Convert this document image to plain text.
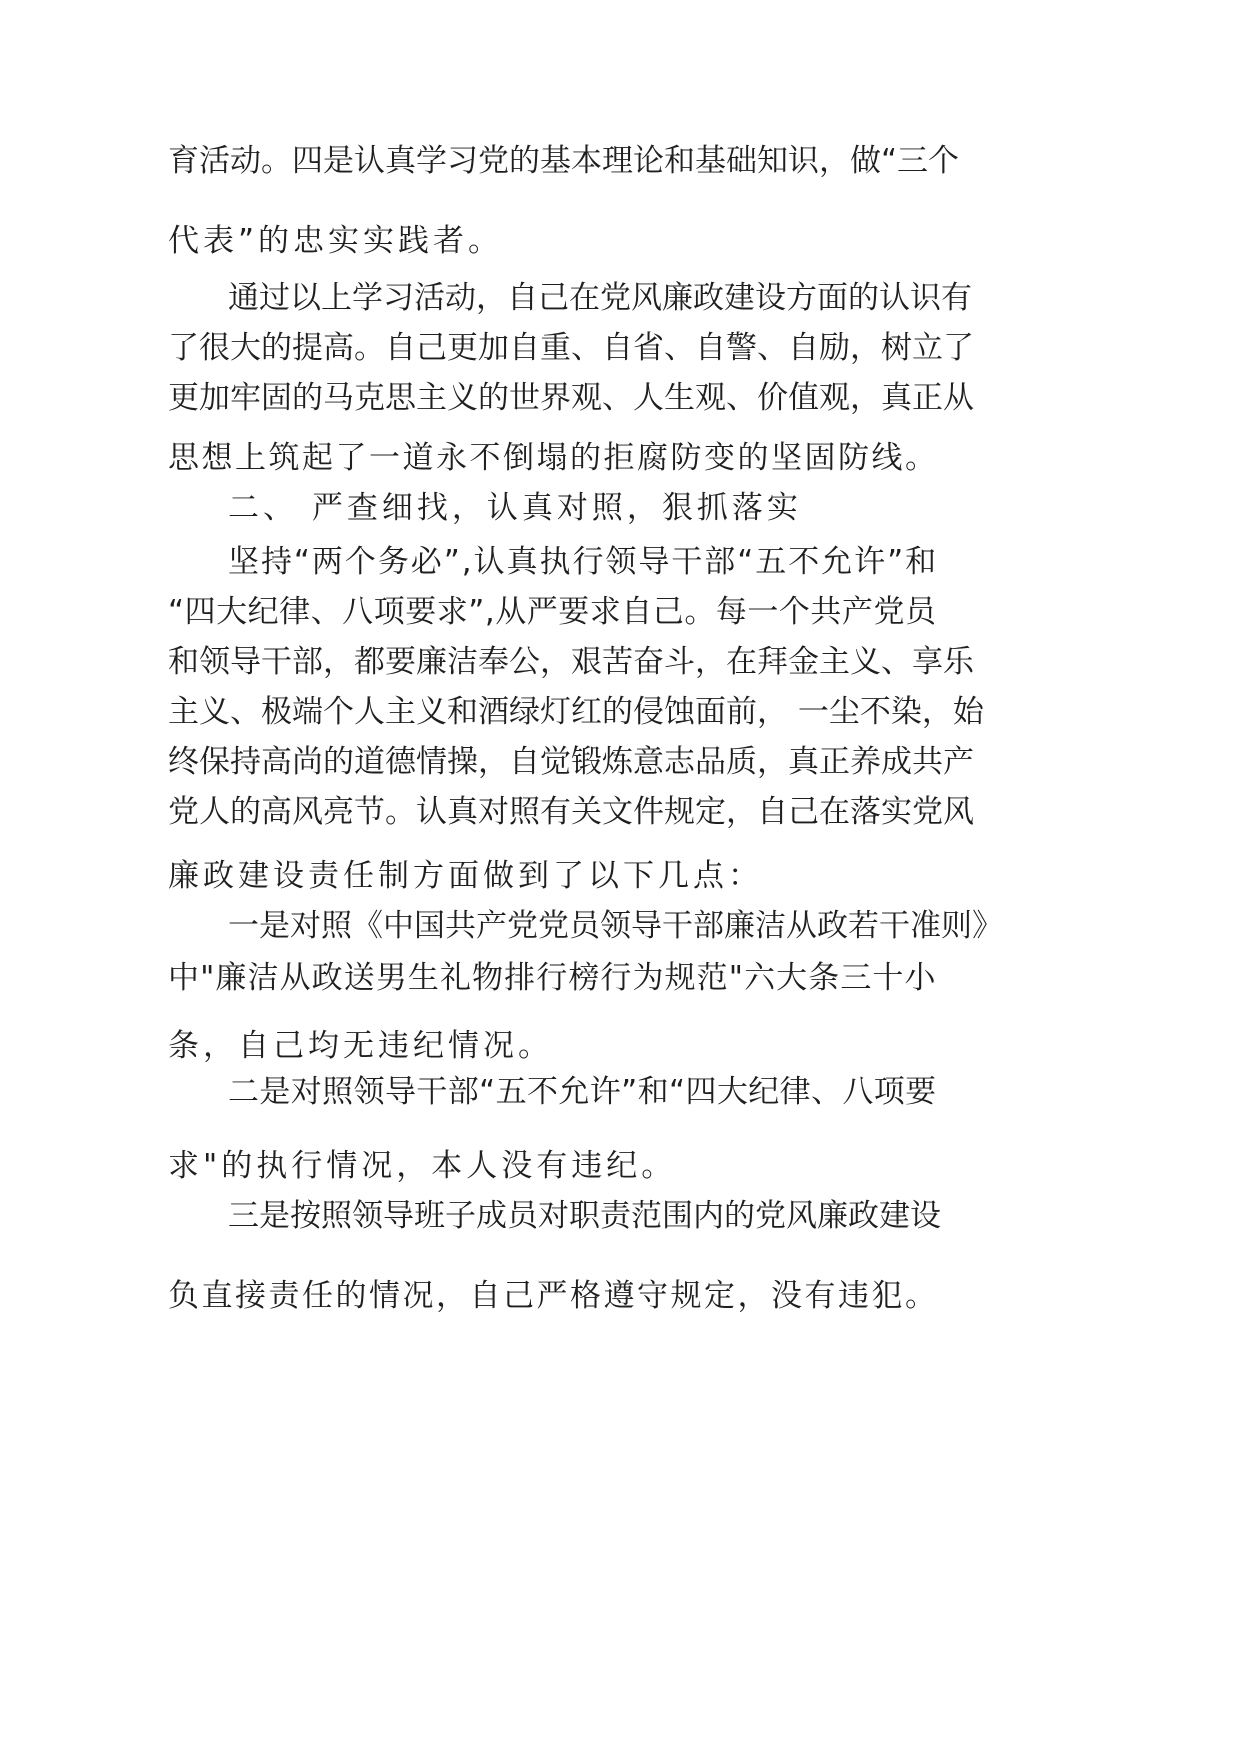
育活动。四是认真学习党的基本理论和基础知识，做“三个

代表”的忠实实践者。

通过以上学习活动，自己在党风廉政建设方面的认识有

了很大的提高。自己更加自重、自省、自警、自励，树立了

更加牢固的马克思主义的世界观、人生观、价值观，真正从

思想上筑起了一道永不倒塌的拒腐防变的坚固防线。

二、 严查细找，认真对照，狠抓落实

坚持“两个务必”,认真执行领导干部“五不允许”和

“四大纪律、八项要求”,从严要求自己。每一个共产党员

和领导干部，都要廉洁奉公，艰苦奋斗，在拜金主义、享乐

主义、极端个人主义和酒绿灯红的侵蚀面前， 一尘不染，始

终保持高尚的道德情操，自觉锻炼意志品质，真正养成共产

党人的高风亮节。认真对照有关文件规定，自己在落实党风

廉政建设责任制方面做到了以下几点：

一是对照《中国共产党党员领导干部廉洁从政若干准则》

中"廉洁从政送男生礼物排行榜行为规范"六大条三十小

条，自己均无违纪情况。

二是对照领导干部“五不允许”和“四大纪律、八项要

求"的执行情况，本人没有违纪。

三是按照领导班子成员对职责范围内的党风廉政建设

负直接责任的情况，自己严格遵守规定，没有违犯。
